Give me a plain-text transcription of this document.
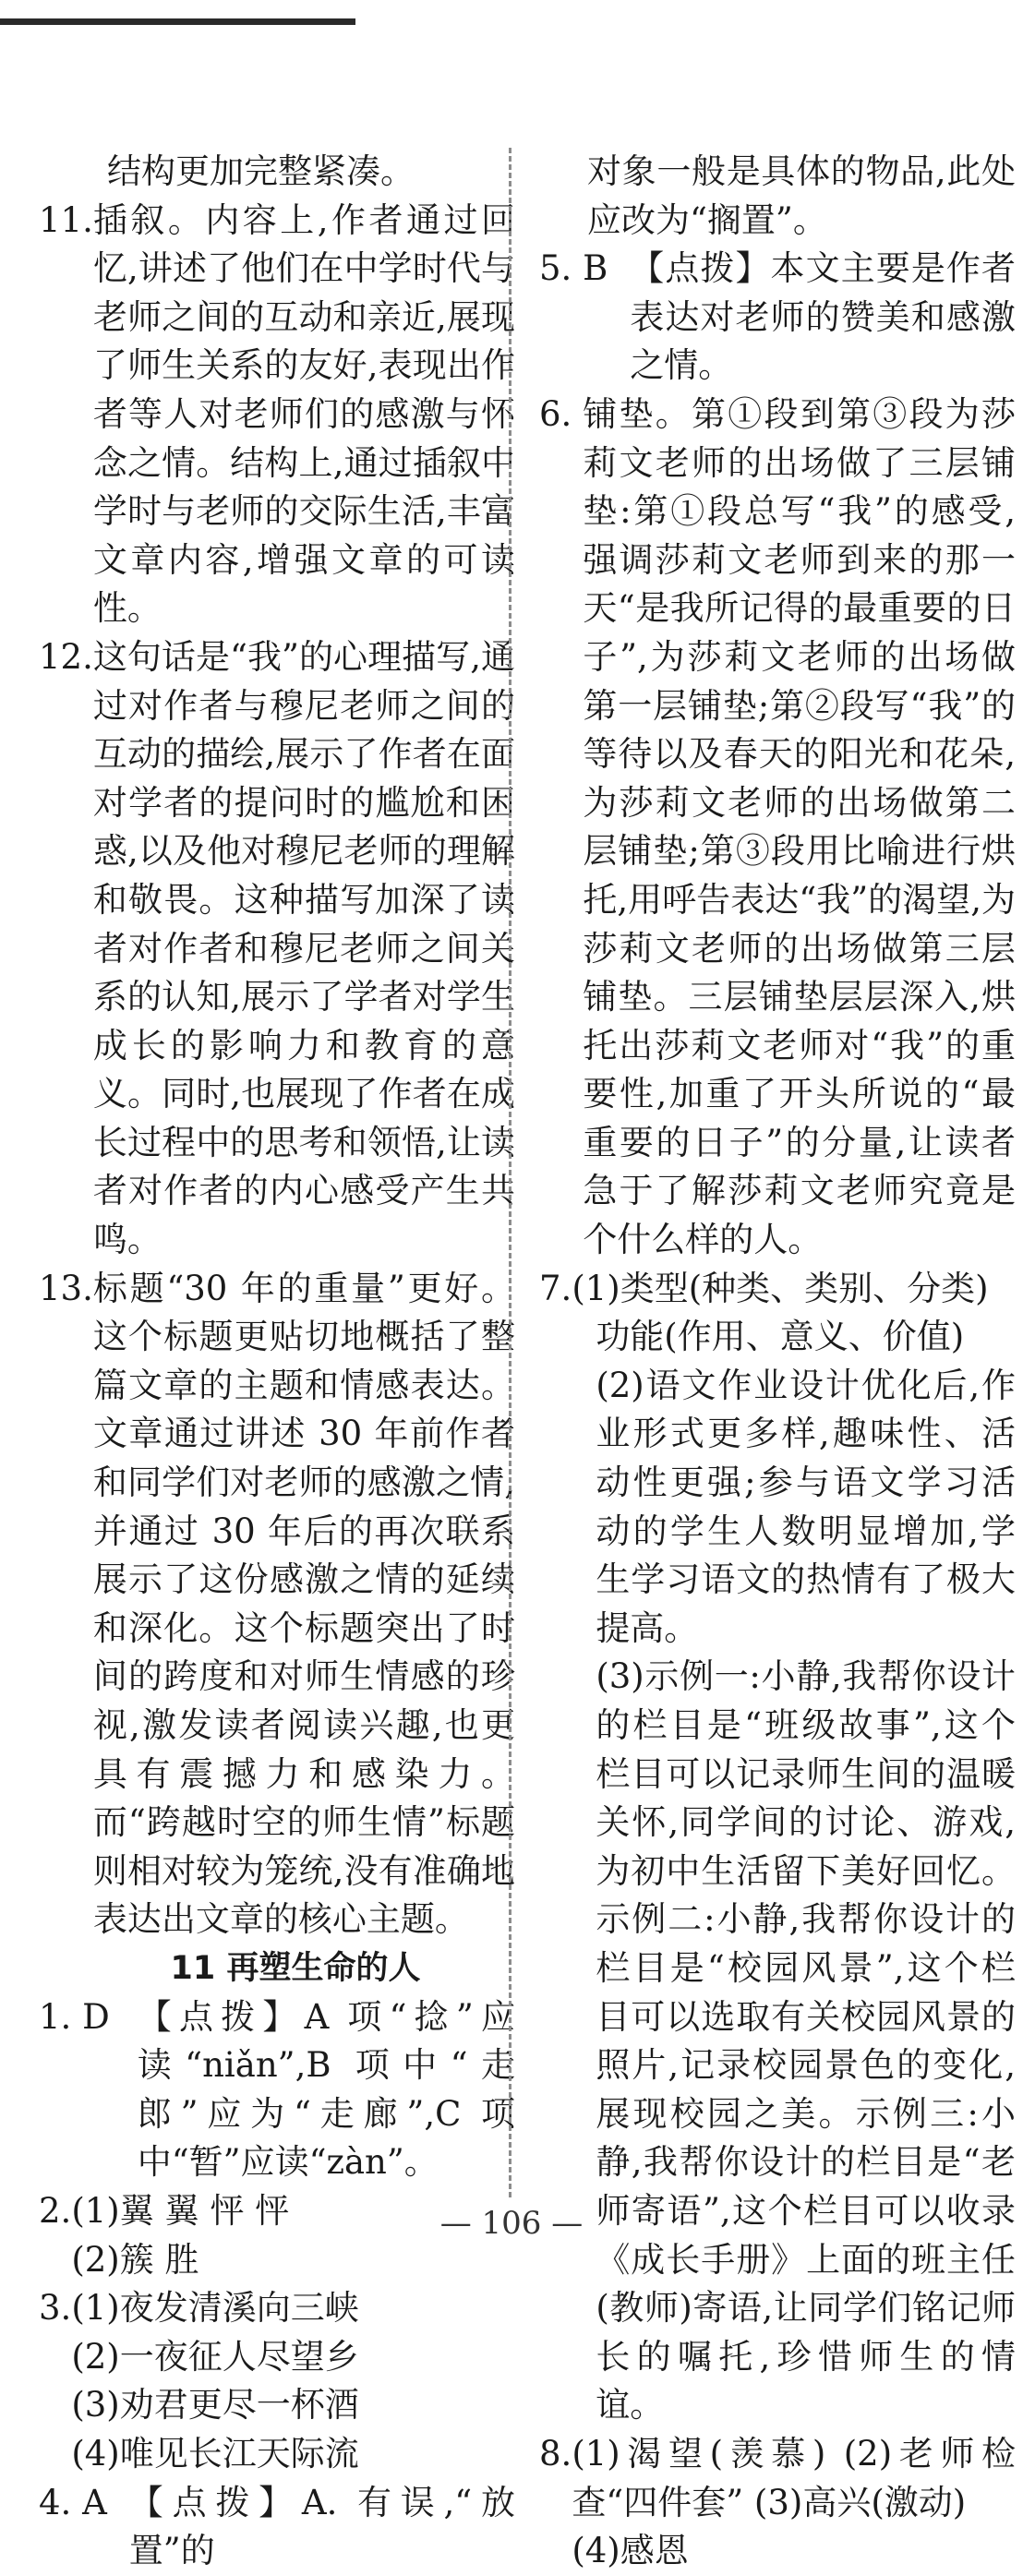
结构更加完整紧凑。
11. 插叙。内容上,作者通过回忆,讲述了他们在中学时代与老师之间的互动和亲近,展现了师生关系的友好,表现出作者等人对老师们的感激与怀念之情。结构上,通过插叙中学时与老师的交际生活,丰富文章内容,增强文章的可读性。
12. 这句话是“我”的心理描写,通过对作者与穆尼老师之间的互动的描绘,展示了作者在面对学者的提问时的尴尬和困惑,以及他对穆尼老师的理解和敬畏。这种描写加深了读者对作者和穆尼老师之间关系的认知,展示了学者对学生成长的影响力和教育的意义。同时,也展现了作者在成长过程中的思考和领悟,让读者对作者的内心感受产生共鸣。
13. 标题“30 年的重量”更好。这个标题更贴切地概括了整篇文章的主题和情感表达。文章通过讲述 30 年前作者和同学们对老师的感激之情,并通过 30 年后的再次联系展示了这份感激之情的延续和深化。这个标题突出了时间的跨度和对师生情感的珍视,激发读者阅读兴趣,也更具有震撼力和感染力。而“跨越时空的师生情”标题则相对较为笼统,没有准确地表达出文章的核心主题。
11 再塑生命的人
1. D 【点拨】A 项“捻”应读“niǎn”,B 项中“走郎”应为“走廊”,C 项中“暂”应读“zàn”。
2. (1)翼 翼 怦 怦
(2)簇 胜
3. (1)夜发清溪向三峡
(2)一夜征人尽望乡
(3)劝君更尽一杯酒
(4)唯见长江天际流
4. A 【点拨】A. 有误,“放置”的
对象一般是具体的物品,此处应改为“搁置”。
5. B 【点拨】本文主要是作者表达对老师的赞美和感激之情。
6. 铺垫。第①段到第③段为莎莉文老师的出场做了三层铺垫:第①段总写“我”的感受,强调莎莉文老师到来的那一天“是我所记得的最重要的日子”,为莎莉文老师的出场做第一层铺垫;第②段写“我”的等待以及春天的阳光和花朵,为莎莉文老师的出场做第二层铺垫;第③段用比喻进行烘托,用呼告表达“我”的渴望,为莎莉文老师的出场做第三层铺垫。三层铺垫层层深入,烘托出莎莉文老师对“我”的重要性,加重了开头所说的“最重要的日子”的分量,让读者急于了解莎莉文老师究竟是个什么样的人。
7. (1)类型(种类、类别、分类)
功能(作用、意义、价值)
(2)语文作业设计优化后,作业形式更多样,趣味性、活动性更强;参与语文学习活动的学生人数明显增加,学生学习语文的热情有了极大提高。
(3)示例一:小静,我帮你设计的栏目是“班级故事”,这个栏目可以记录师生间的温暖关怀,同学间的讨论、游戏,为初中生活留下美好回忆。 示例二:小静,我帮你设计的栏目是“校园风景”,这个栏目可以选取有关校园风景的照片,记录校园景色的变化,展现校园之美。示例三:小静,我帮你设计的栏目是“老师寄语”,这个栏目可以收录《成长手册》上面的班主任(教师)寄语,让同学们铭记师长的嘱托,珍惜师生的情谊。
8. (1)渴望(羡慕) (2)老师检查“四件套” (3)高兴(激动)
(4)感恩
— 106 —
